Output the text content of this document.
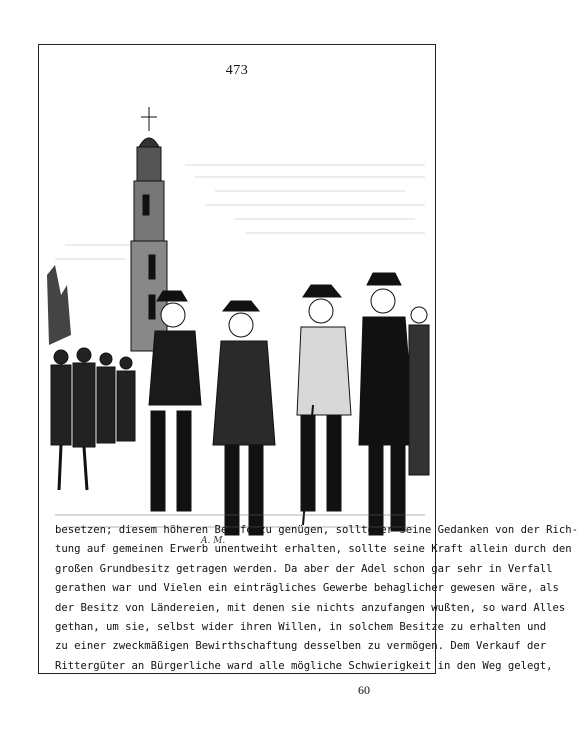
473
A. M.
besetzen; diesem höheren Berufe zu genügen, sollte er seine Gedanken von der Rich-
tung auf gemeinen Erwerb unentweiht erhalten, sollte seine Kraft allein durch den
großen Grundbesitz getragen werden. Da aber der Adel schon gar sehr in Verfall
gerathen war und Vielen ein einträgliches Gewerbe behaglicher gewesen wäre, als
der Besitz von Ländereien, mit denen sie nichts anzufangen wußten, so ward Alles
gethan, um sie, selbst wider ihren Willen, in solchem Besitze zu erhalten und
zu einer zweckmäßigen Bewirthschaftung desselben zu vermögen. Dem Verkauf der
Rittergüter an Bürgerliche ward alle mögliche Schwierigkeit in den Weg gelegt,
60
